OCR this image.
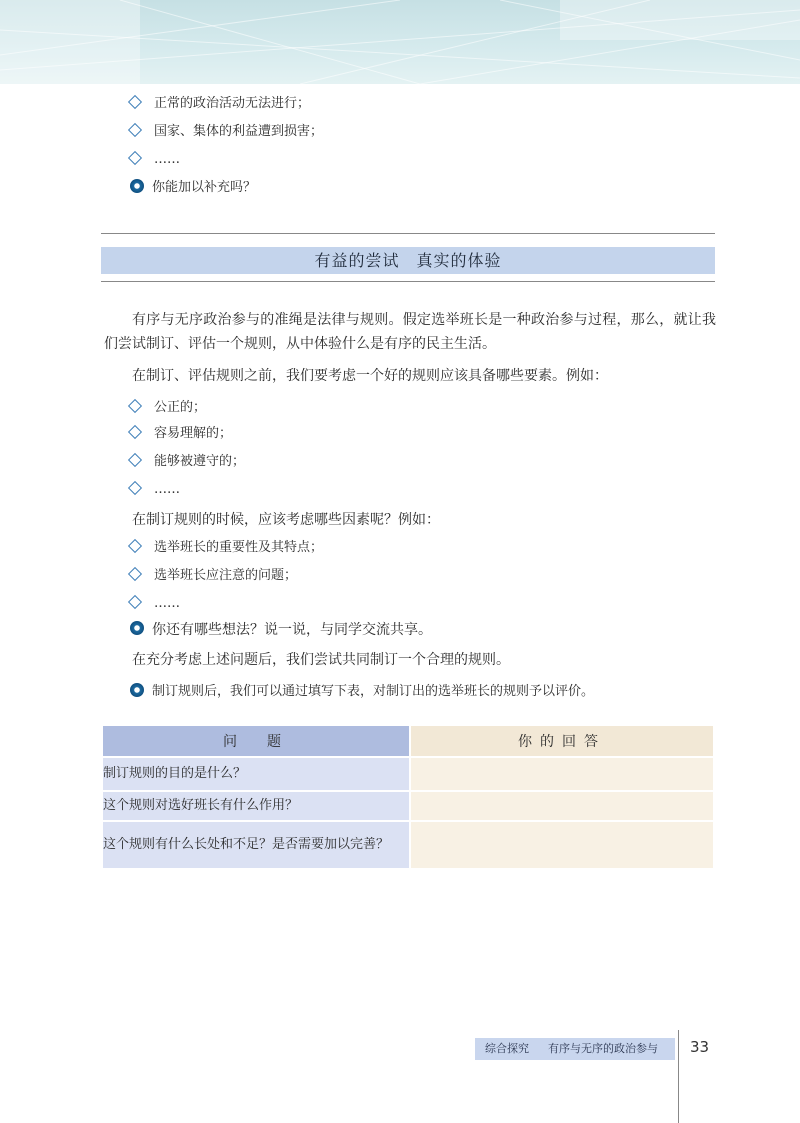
正常的政治活动无法进行；
国家、集体的利益遭到损害；
……
你能加以补充吗？
有益的尝试　真实的体验
有序与无序政治参与的准绳是法律与规则。假定选举班长是一种政治参与过程，那么，就让我们尝试制订、评估一个规则，从中体验什么是有序的民主生活。
在制订、评估规则之前，我们要考虑一个好的规则应该具备哪些要素。例如：
公正的；
容易理解的；
能够被遵守的；
……
在制订规则的时候，应该考虑哪些因素呢？例如：
选举班长的重要性及其特点；
选举班长应注意的问题；
……
你还有哪些想法？说一说，与同学交流共享。
在充分考虑上述问题后，我们尝试共同制订一个合理的规则。
制订规则后，我们可以通过填写下表，对制订出的选举班长的规则予以评价。
问　题	你的回答
制订规则的目的是什么？	
这个规则对选好班长有什么作用？	
这个规则有什么长处和不足？是否需要加以完善？	
综合探究 有序与无序的政治参与	33
